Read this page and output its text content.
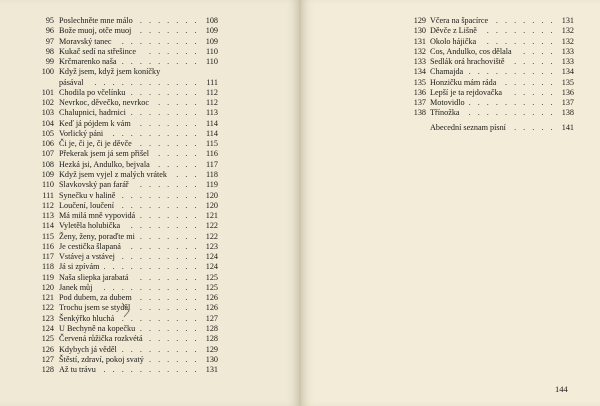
95 Poslechněte mne málo . . . . . . . 108
96 Bože muoj, otče muoj . . . . . . . 109
97 Moravský tanec . . . . . . . . . 109
98 Kukač sedí na střešince . . . . . . 110
99 Krčmarenko naša . . . . . . . . . 110
100 Když jsem, když jsem koníčky
pásával . . . . . . . . . . . . 111
101 Chodila po včelínku . . . . . . . . 112
102 Nevrkoc, děvečko, nevrkoc . . . . . 112
103 Chalupnici, hadrnici . . . . . . . . 113
104 Keď já pójdem k vám . . . . . . . 114
105 Vorlický páni . . . . . . . . . . 114
106 Či je, či je, či je děvče . . . . . . . 115
107 Překerak jsem já sem přišel . . . . . 116
108 Hezká jsi, Andulko, bejvala . . . . . 117
109 Když jsem vyjel z malých vrátek . . . 118
110 Slavkovský pan farář . . . . . . . 119
111 Synečku v halině . . . . . . . . . 120
112 Loučení, loučení . . . . . . . . . 120
113 Má milá mně vypovidá . . . . . . . 121
114 Vyletěla holubička . . . . . . . . 122
115 Ženy, ženy, poraďte mi . . . . . . . 122
116 Je cestička šlapaná . . . . . . . . 123
117 Vstávej a vstávej . . . . . . . . . 124
118 Já si zpívám . . . . . . . . . . . 124
119 Naša sliepka jarabatá . . . . . . . 125
120 Janek můj . . . . . . . . . . . 125
121 Pod dubem, za dubem . . . . . . . 126
122 Trochu jsem se styděl . . . . . . . 126
123 Šenkýřko hluchá . . . . . . . . . 127
124 U Bechyně na kopečku . . . . . . . 128
125 Červená růžička rozkvétá . . . . . . 128
126 Kdybych já věděl . . . . . . . . . 129
127 Štěstí, zdraví, pokoj svatý . . . . . . 130
128 Až tu trávu . . . . . . . . . . . 131
129 Včera na špacírce . . . . . . . 131
130 Děvče z Lišně . . . . . . . . 132
131 Okolo hájička . . . . . . . . 132
132 Cos, Andulko, cos dělala . . . . 133
133 Sedlák orá hrachoviště . . . . . 133
134 Chamajda . . . . . . . . . . 134
135 Honzičku mám ráda . . . . . . 135
136 Lepší je ta rejdovačka . . . . . 136
137 Motovidlo . . . . . . . . . . 137
138 Třínožka . . . . . . . . . . 138
Abecední seznam písní . . . . . 141
144
